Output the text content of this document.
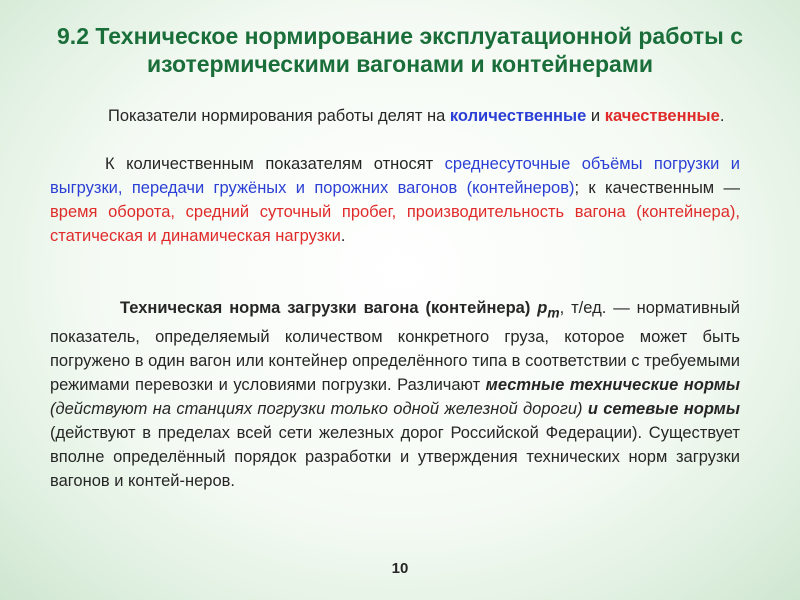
9.2 Техническое нормирование эксплуатационной работы с
изотермическими вагонами и контейнерами
Показатели нормирования работы делят на количественные и качественные.
К количественным показателям относят среднесуточные объёмы погрузки и выгрузки, передачи гружёных и порожних вагонов (контейнеров); к качественным — время оборота, средний суточный пробег, производительность вагона (контейнера), статическая и динамическая нагрузки.
Техническая норма загрузки вагона (контейнера) $р_т$, т/ед. — нормативный показатель, определяемый количеством конкретного груза, которое может быть погружено в один вагон или контейнер определённого типа в соответствии с требуемыми режимами перевозки и условиями погрузки. Различают местные технические нормы (действуют на станциях погрузки только одной железной дороги) и сетевые нормы (действуют в пределах всей сети железных дорог Российской Федерации). Существует вполне определённый порядок разработки и утверждения технических норм загрузки вагонов и контей-неров.
10
